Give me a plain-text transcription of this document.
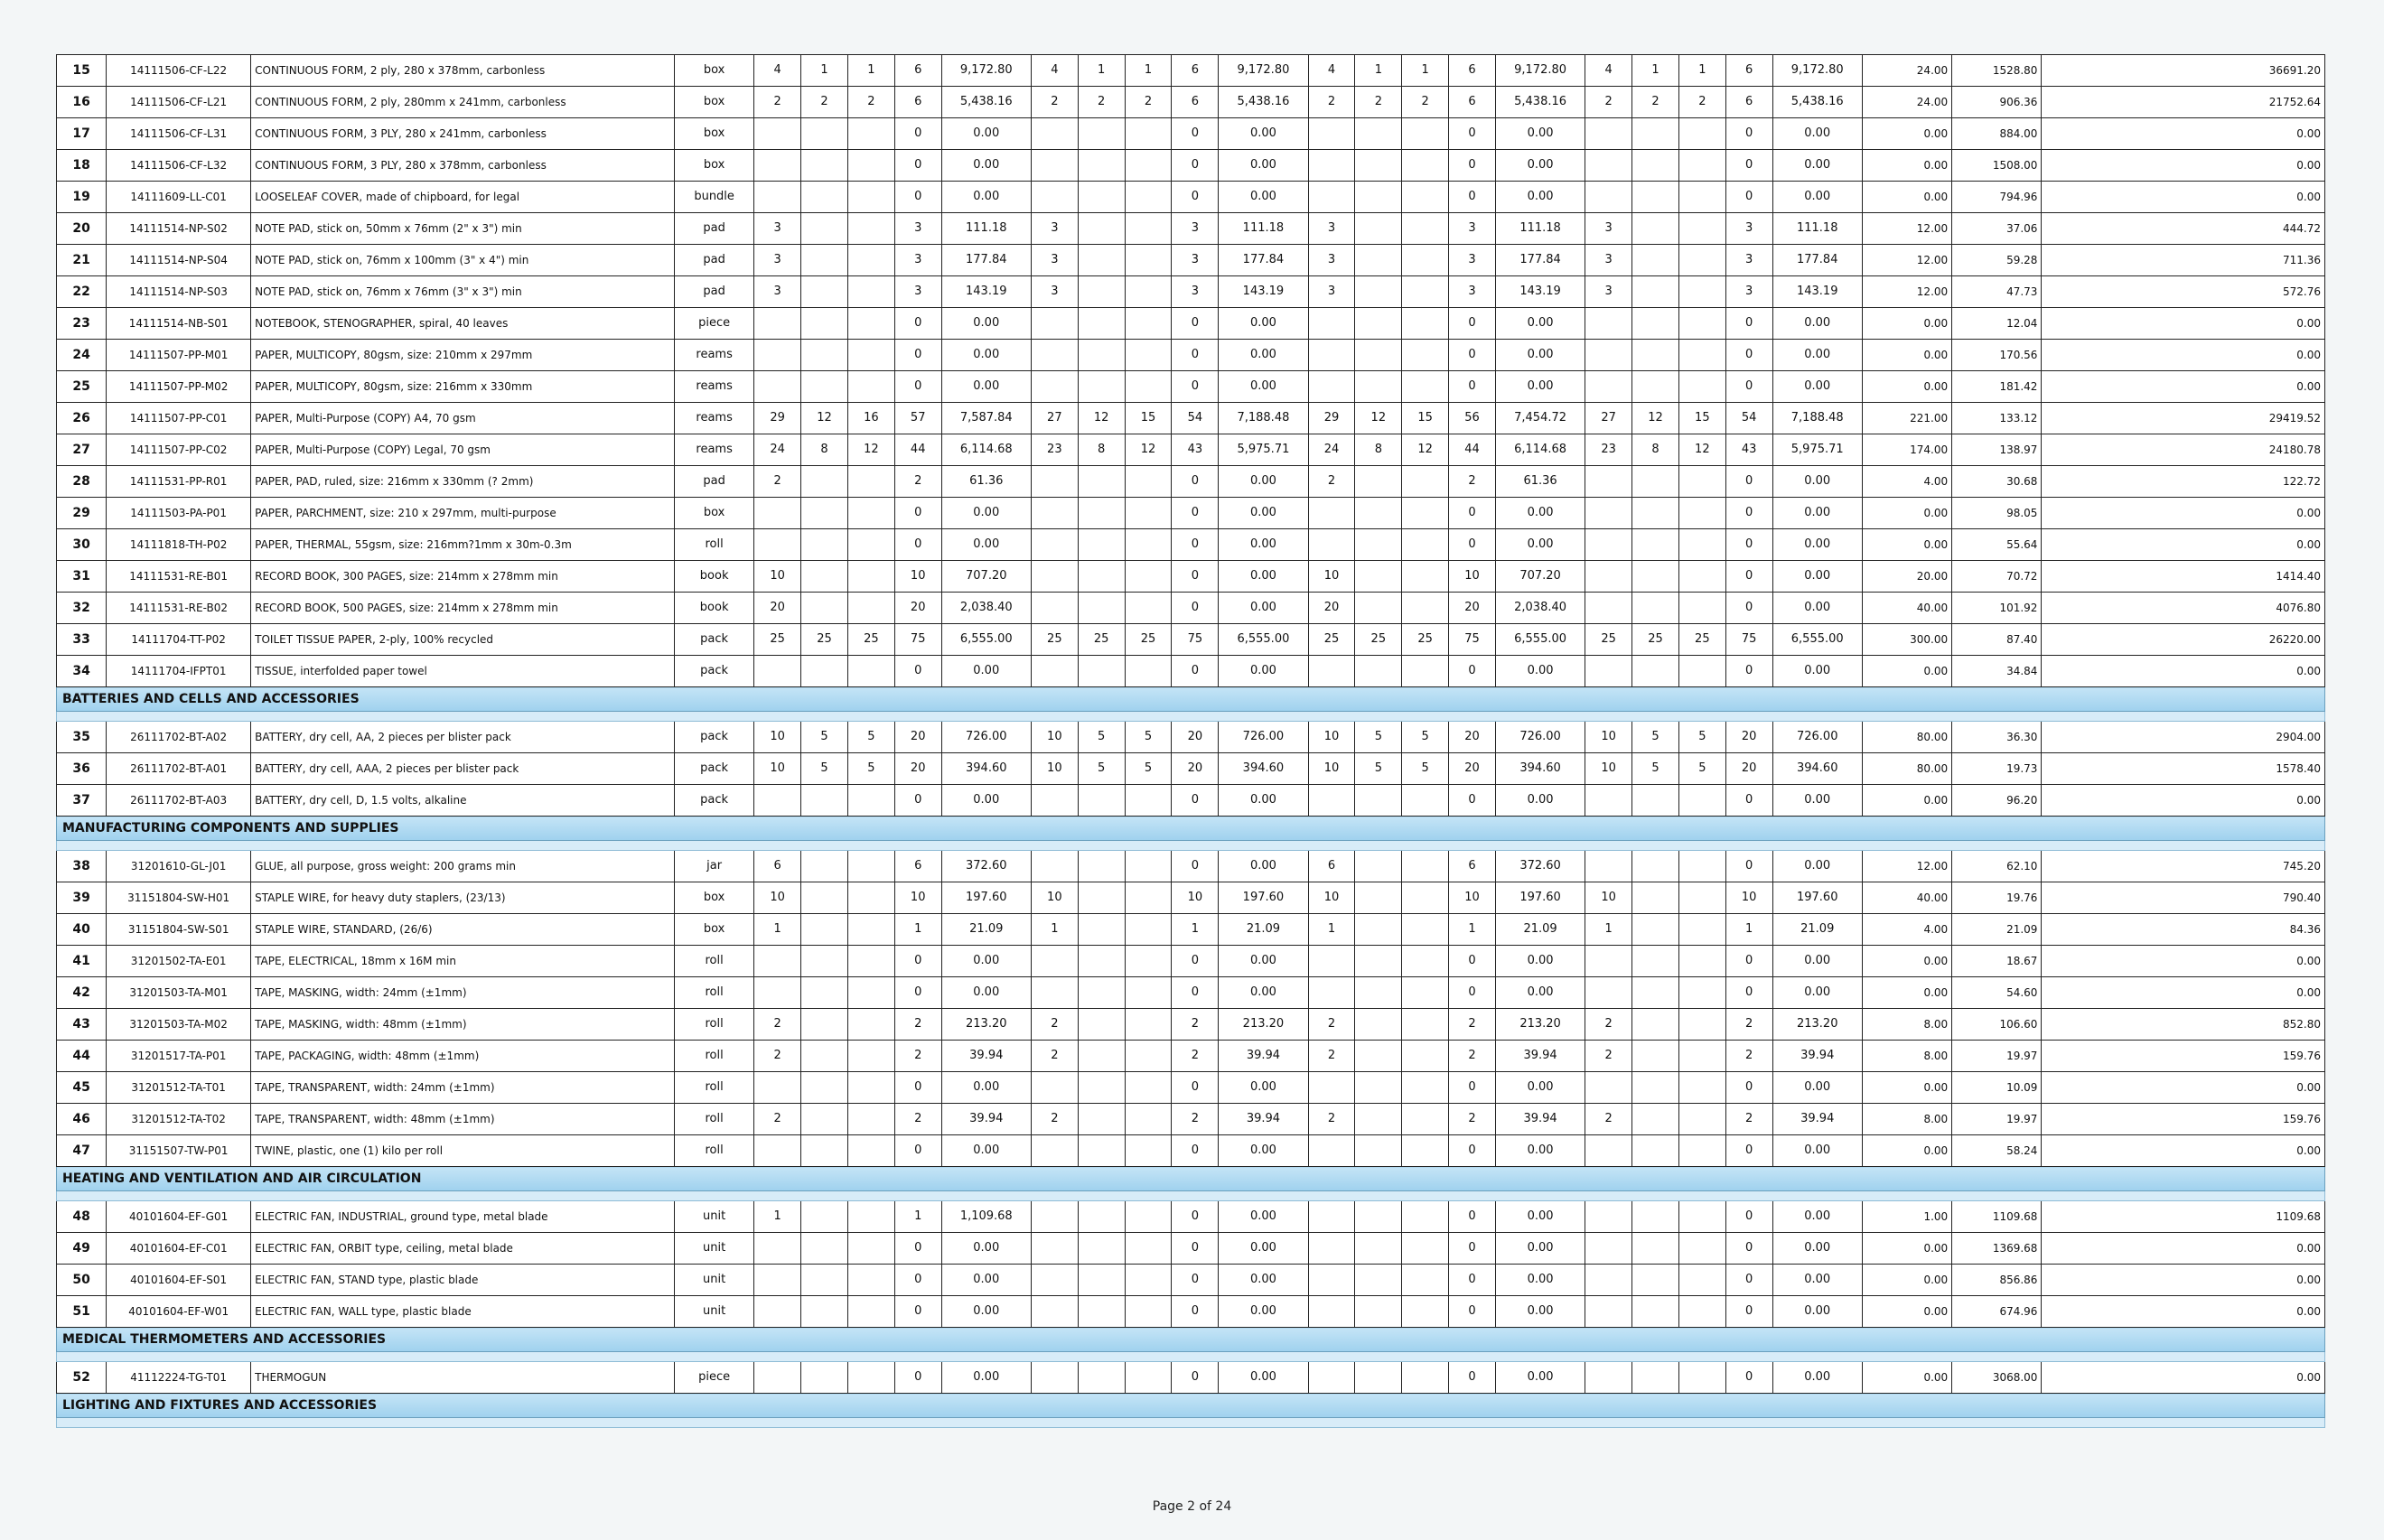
15	14111506-CF-L22	CONTINUOUS FORM, 2 ply, 280 x 378mm, carbonless	box	4	1	1	6	9,172.80	4	1	1	6	9,172.80	4	1	1	6	9,172.80	4	1	1	6	9,172.80	24.00	1528.80	36691.20
16	14111506-CF-L21	CONTINUOUS FORM, 2 ply, 280mm x 241mm, carbonless	box	2	2	2	6	5,438.16	2	2	2	6	5,438.16	2	2	2	6	5,438.16	2	2	2	6	5,438.16	24.00	906.36	21752.64
17	14111506-CF-L31	CONTINUOUS FORM, 3 PLY, 280 x 241mm, carbonless	box				0	0.00				0	0.00				0	0.00				0	0.00	0.00	884.00	0.00
18	14111506-CF-L32	CONTINUOUS FORM, 3 PLY, 280 x 378mm, carbonless	box				0	0.00				0	0.00				0	0.00				0	0.00	0.00	1508.00	0.00
19	14111609-LL-C01	LOOSELEAF COVER, made of chipboard, for legal	bundle				0	0.00				0	0.00				0	0.00				0	0.00	0.00	794.96	0.00
20	14111514-NP-S02	NOTE PAD, stick on, 50mm x 76mm (2" x 3") min	pad	3			3	111.18	3			3	111.18	3			3	111.18	3			3	111.18	12.00	37.06	444.72
21	14111514-NP-S04	NOTE PAD, stick on, 76mm x 100mm (3" x 4") min	pad	3			3	177.84	3			3	177.84	3			3	177.84	3			3	177.84	12.00	59.28	711.36
22	14111514-NP-S03	NOTE PAD, stick on, 76mm x 76mm (3" x 3") min	pad	3			3	143.19	3			3	143.19	3			3	143.19	3			3	143.19	12.00	47.73	572.76
23	14111514-NB-S01	NOTEBOOK, STENOGRAPHER, spiral, 40 leaves	piece				0	0.00				0	0.00				0	0.00				0	0.00	0.00	12.04	0.00
24	14111507-PP-M01	PAPER, MULTICOPY, 80gsm, size: 210mm x 297mm	reams				0	0.00				0	0.00				0	0.00				0	0.00	0.00	170.56	0.00
25	14111507-PP-M02	PAPER, MULTICOPY, 80gsm, size: 216mm x 330mm	reams				0	0.00				0	0.00				0	0.00				0	0.00	0.00	181.42	0.00
26	14111507-PP-C01	PAPER, Multi-Purpose (COPY) A4, 70 gsm	reams	29	12	16	57	7,587.84	27	12	15	54	7,188.48	29	12	15	56	7,454.72	27	12	15	54	7,188.48	221.00	133.12	29419.52
27	14111507-PP-C02	PAPER, Multi-Purpose (COPY) Legal, 70 gsm	reams	24	8	12	44	6,114.68	23	8	12	43	5,975.71	24	8	12	44	6,114.68	23	8	12	43	5,975.71	174.00	138.97	24180.78
28	14111531-PP-R01	PAPER, PAD, ruled, size: 216mm x 330mm (? 2mm)	pad	2			2	61.36				0	0.00	2			2	61.36				0	0.00	4.00	30.68	122.72
29	14111503-PA-P01	PAPER, PARCHMENT, size: 210 x 297mm, multi-purpose	box				0	0.00				0	0.00				0	0.00				0	0.00	0.00	98.05	0.00
30	14111818-TH-P02	PAPER, THERMAL, 55gsm, size: 216mm?1mm x 30m-0.3m	roll				0	0.00				0	0.00				0	0.00				0	0.00	0.00	55.64	0.00
31	14111531-RE-B01	RECORD BOOK, 300 PAGES, size: 214mm x 278mm min	book	10			10	707.20				0	0.00	10			10	707.20				0	0.00	20.00	70.72	1414.40
32	14111531-RE-B02	RECORD BOOK, 500 PAGES, size: 214mm x 278mm min	book	20			20	2,038.40				0	0.00	20			20	2,038.40				0	0.00	40.00	101.92	4076.80
33	14111704-TT-P02	TOILET TISSUE PAPER, 2-ply, 100% recycled	pack	25	25	25	75	6,555.00	25	25	25	75	6,555.00	25	25	25	75	6,555.00	25	25	25	75	6,555.00	300.00	87.40	26220.00
34	14111704-IFPT01	TISSUE, interfolded paper towel	pack				0	0.00				0	0.00				0	0.00				0	0.00	0.00	34.84	0.00
BATTERIES AND CELLS AND ACCESSORIES																										

35	26111702-BT-A02	BATTERY, dry cell, AA, 2 pieces per blister pack	pack	10	5	5	20	726.00	10	5	5	20	726.00	10	5	5	20	726.00	10	5	5	20	726.00	80.00	36.30	2904.00
36	26111702-BT-A01	BATTERY, dry cell, AAA, 2 pieces per blister pack	pack	10	5	5	20	394.60	10	5	5	20	394.60	10	5	5	20	394.60	10	5	5	20	394.60	80.00	19.73	1578.40
37	26111702-BT-A03	BATTERY, dry cell, D, 1.5 volts, alkaline	pack				0	0.00				0	0.00				0	0.00				0	0.00	0.00	96.20	0.00
MANUFACTURING COMPONENTS AND SUPPLIES																										

38	31201610-GL-J01	GLUE, all purpose, gross weight: 200 grams min	jar	6			6	372.60				0	0.00	6			6	372.60				0	0.00	12.00	62.10	745.20
39	31151804-SW-H01	STAPLE WIRE, for heavy duty staplers, (23/13)	box	10			10	197.60	10			10	197.60	10			10	197.60	10			10	197.60	40.00	19.76	790.40
40	31151804-SW-S01	STAPLE WIRE, STANDARD, (26/6)	box	1			1	21.09	1			1	21.09	1			1	21.09	1			1	21.09	4.00	21.09	84.36
41	31201502-TA-E01	TAPE, ELECTRICAL, 18mm x 16M min	roll				0	0.00				0	0.00				0	0.00				0	0.00	0.00	18.67	0.00
42	31201503-TA-M01	TAPE, MASKING, width: 24mm (±1mm)	roll				0	0.00				0	0.00				0	0.00				0	0.00	0.00	54.60	0.00
43	31201503-TA-M02	TAPE, MASKING, width: 48mm (±1mm)	roll	2			2	213.20	2			2	213.20	2			2	213.20	2			2	213.20	8.00	106.60	852.80
44	31201517-TA-P01	TAPE, PACKAGING, width: 48mm (±1mm)	roll	2			2	39.94	2			2	39.94	2			2	39.94	2			2	39.94	8.00	19.97	159.76
45	31201512-TA-T01	TAPE, TRANSPARENT, width: 24mm (±1mm)	roll				0	0.00				0	0.00				0	0.00				0	0.00	0.00	10.09	0.00
46	31201512-TA-T02	TAPE, TRANSPARENT, width: 48mm (±1mm)	roll	2			2	39.94	2			2	39.94	2			2	39.94	2			2	39.94	8.00	19.97	159.76
47	31151507-TW-P01	TWINE, plastic, one (1) kilo per roll	roll				0	0.00				0	0.00				0	0.00				0	0.00	0.00	58.24	0.00
HEATING AND VENTILATION AND AIR CIRCULATION																										

48	40101604-EF-G01	ELECTRIC FAN, INDUSTRIAL, ground type, metal blade	unit	1			1	1,109.68				0	0.00				0	0.00				0	0.00	1.00	1109.68	1109.68
49	40101604-EF-C01	ELECTRIC FAN, ORBIT type, ceiling, metal blade	unit				0	0.00				0	0.00				0	0.00				0	0.00	0.00	1369.68	0.00
50	40101604-EF-S01	ELECTRIC FAN, STAND type, plastic blade	unit				0	0.00				0	0.00				0	0.00				0	0.00	0.00	856.86	0.00
51	40101604-EF-W01	ELECTRIC FAN, WALL type, plastic blade	unit				0	0.00				0	0.00				0	0.00				0	0.00	0.00	674.96	0.00
MEDICAL THERMOMETERS AND ACCESSORIES																										

52	41112224-TG-T01	THERMOGUN	piece				0	0.00				0	0.00				0	0.00				0	0.00	0.00	3068.00	0.00
LIGHTING AND FIXTURES AND ACCESSORIES																										

Page 2 of 24
